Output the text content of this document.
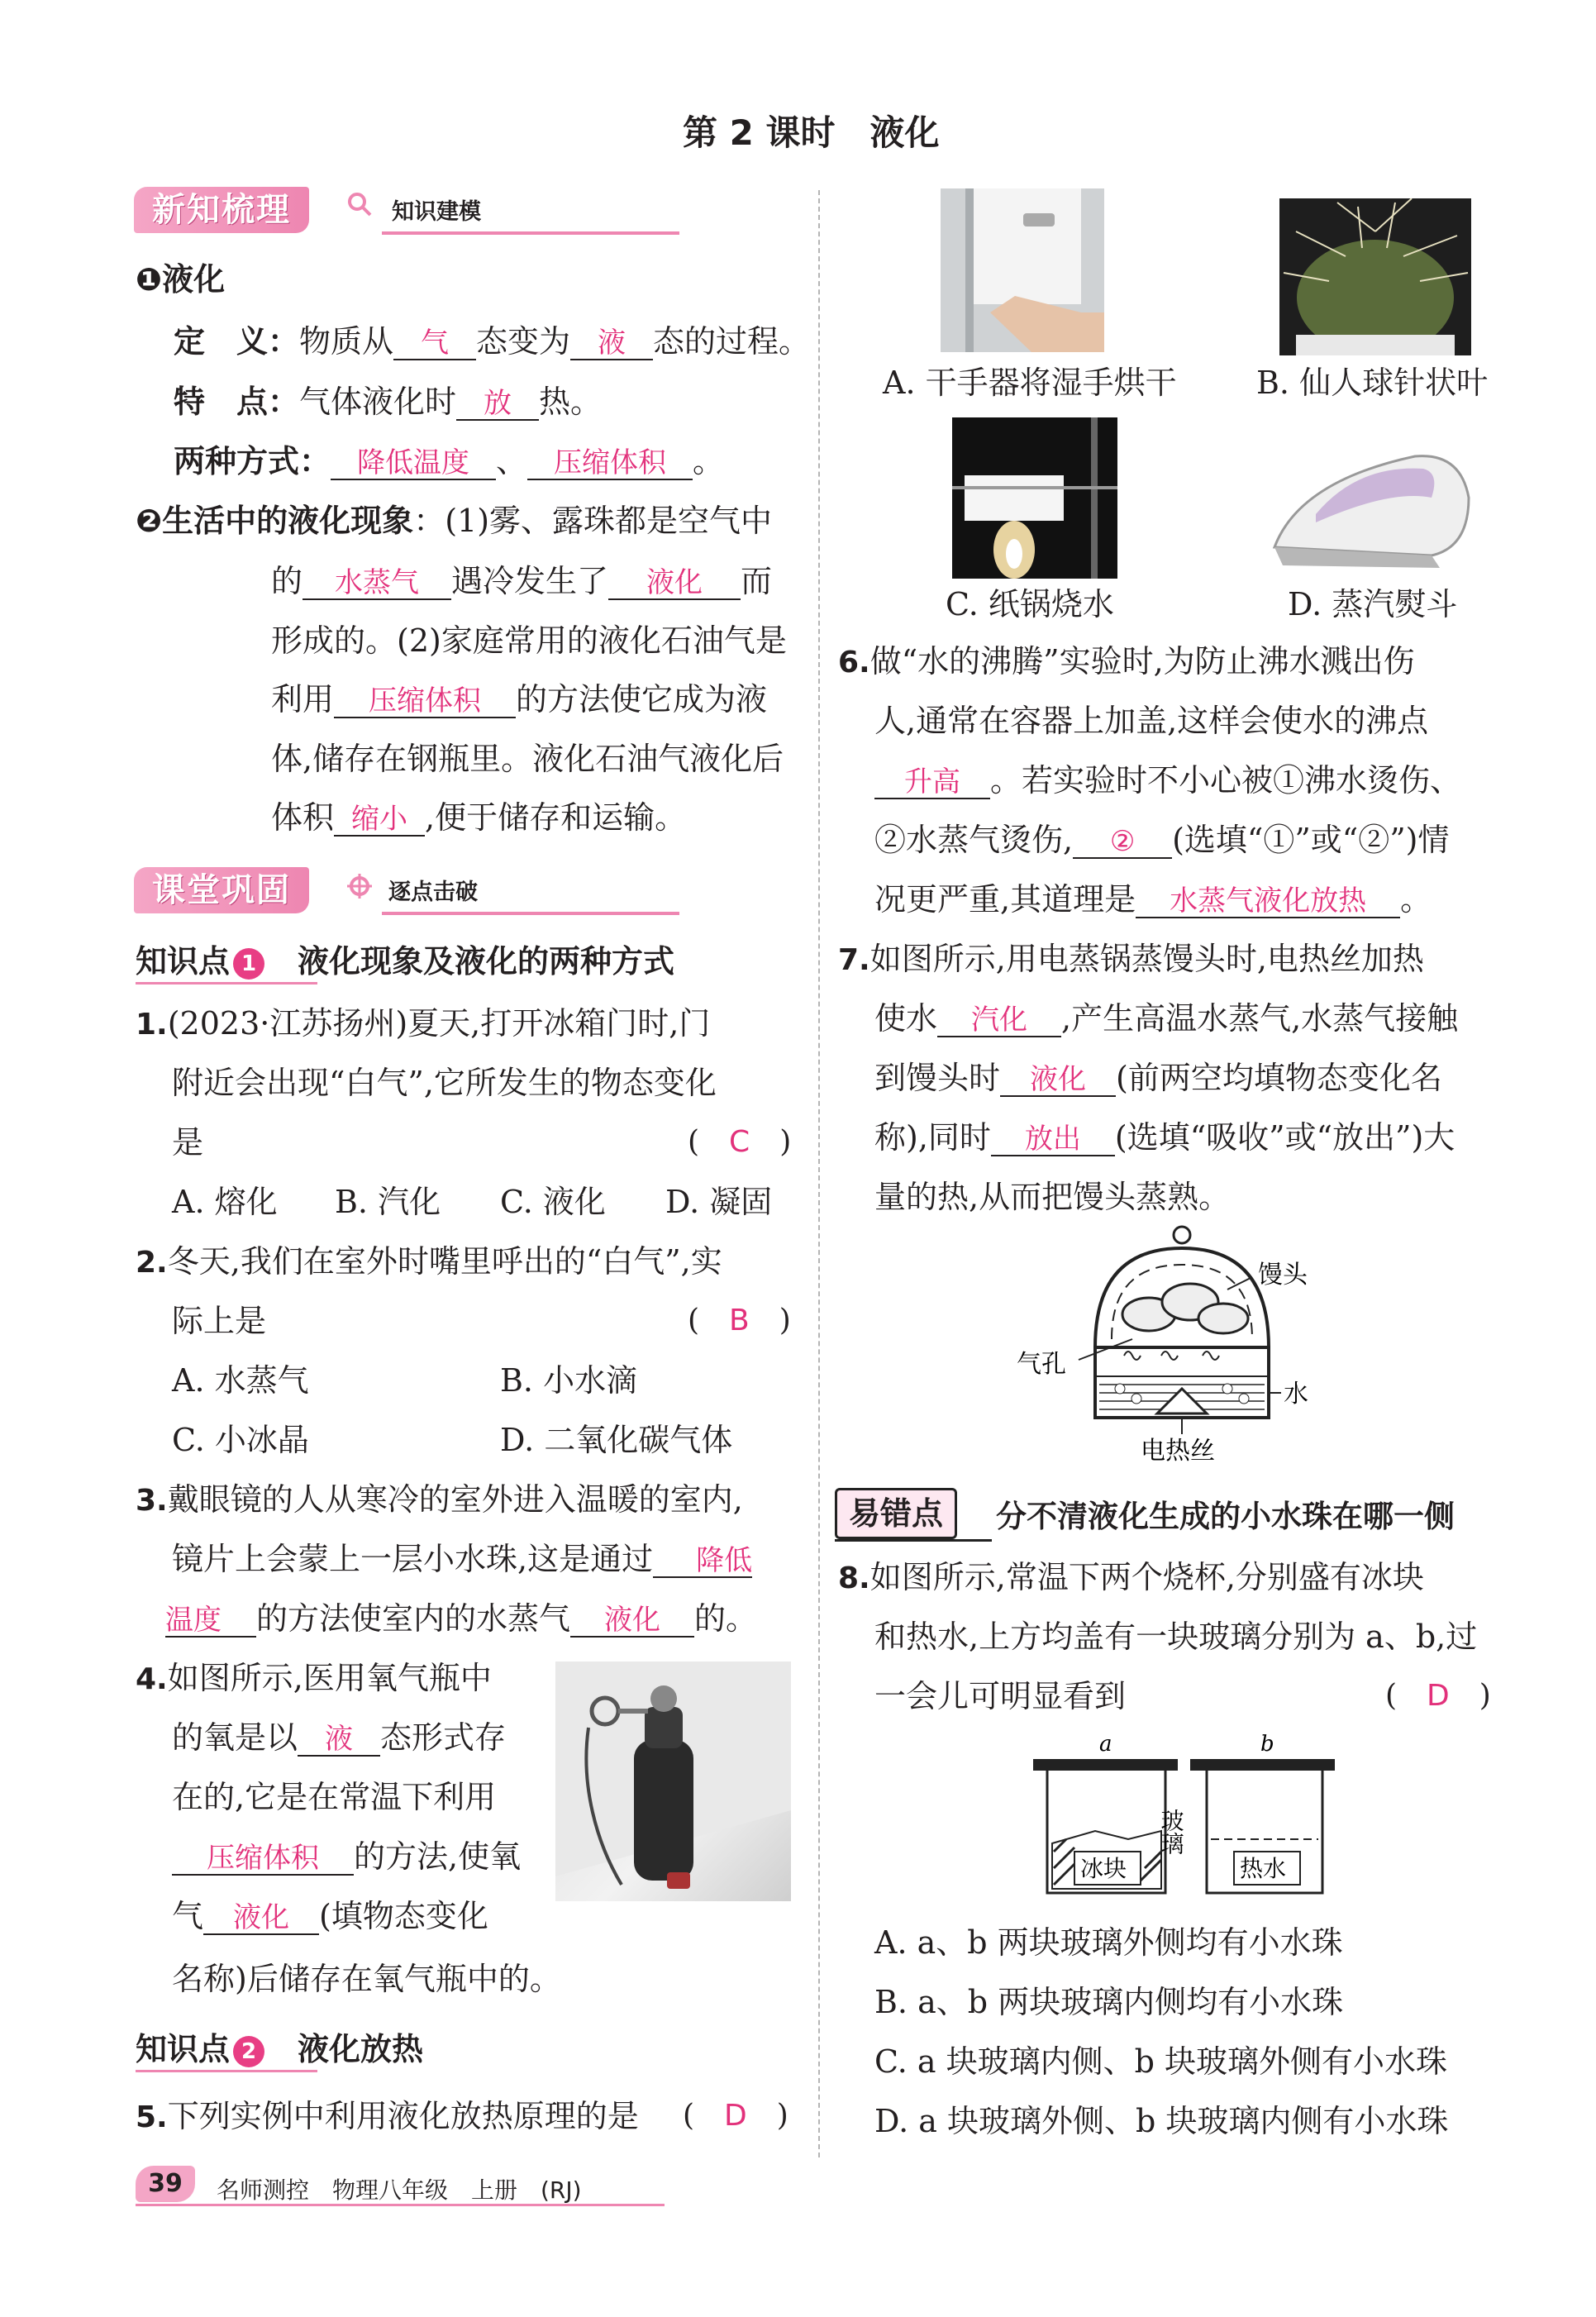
第 2 课时　液化
新知梳理	知识建模
❶液化
定　义：物质从 气 态变为 液 态的过程。
特　点：气体液化时 放 热。
两种方式： 降低温度 、 压缩体积 。
❷生活中的液化现象：(1)雾、露珠都是空气中
的 水蒸气 遇冷发生了 液化 而
形成的。(2)家庭常用的液化石油气是
利用 压缩体积 的方法使它成为液
体,储存在钢瓶里。液化石油气液化后
体积 缩小 ,便于储存和运输。
课堂巩固	逐点击破
知识点 1 液化现象及液化的两种方式
1.(2023·江苏扬州)夏天,打开冰箱门时,门
附近会出现“白气”,它所发生的物态变化
是	(　C　)
A. 熔化 B. 汽化 C. 液化 D. 凝固
2.冬天,我们在室外时嘴里呼出的“白气”,实
际上是	(　B　)
A. 水蒸气	B. 小水滴
C. 小冰晶	D. 二氧化碳气体
3.戴眼镜的人从寒冷的室外进入温暖的室内,
镜片上会蒙上一层小水珠,这是通过 降低
温度 的方法使室内的水蒸气 液化 的。
4.如图所示,医用氧气瓶中
的氧是以 液 态形式存
在的,它是在常温下利用
压缩体积 的方法,使氧
气 液化 (填物态变化
名称)后储存在氧气瓶中的。
知识点 2 液化放热
5.下列实例中利用液化放热原理的是 (　D　)
39	名师测控　物理八年级　上册　(RJ)
A. 干手器将湿手烘干	B. 仙人球针状叶
C. 纸锅烧水	D. 蒸汽熨斗
6.做“水的沸腾”实验时,为防止沸水溅出伤
人,通常在容器上加盖,这样会使水的沸点
升高 。若实验时不小心被①沸水烫伤、
②水蒸气烫伤, ② (选填“①”或“②”)情
况更严重,其道理是 水蒸气液化放热 。
7.如图所示,用电蒸锅蒸馒头时,电热丝加热
使水 汽化 ,产生高温水蒸气,水蒸气接触
到馒头时 液化 (前两空均填物态变化名
称),同时 放出 (选填“吸收”或“放出”)大
量的热,从而把馒头蒸熟。
馒头
气孔
水
电热丝
易错点	分不清液化生成的小水珠在哪一侧
8.如图所示,常温下两个烧杯,分别盛有冰块
和热水,上方均盖有一块玻璃分别为 a、b,过
一会儿可明显看到	(　D　)
a	b
冰块	热水
玻璃
A. a、b 两块玻璃外侧均有小水珠
B. a、b 两块玻璃内侧均有小水珠
C. a 块玻璃内侧、b 块玻璃外侧有小水珠
D. a 块玻璃外侧、b 块玻璃内侧有小水珠
